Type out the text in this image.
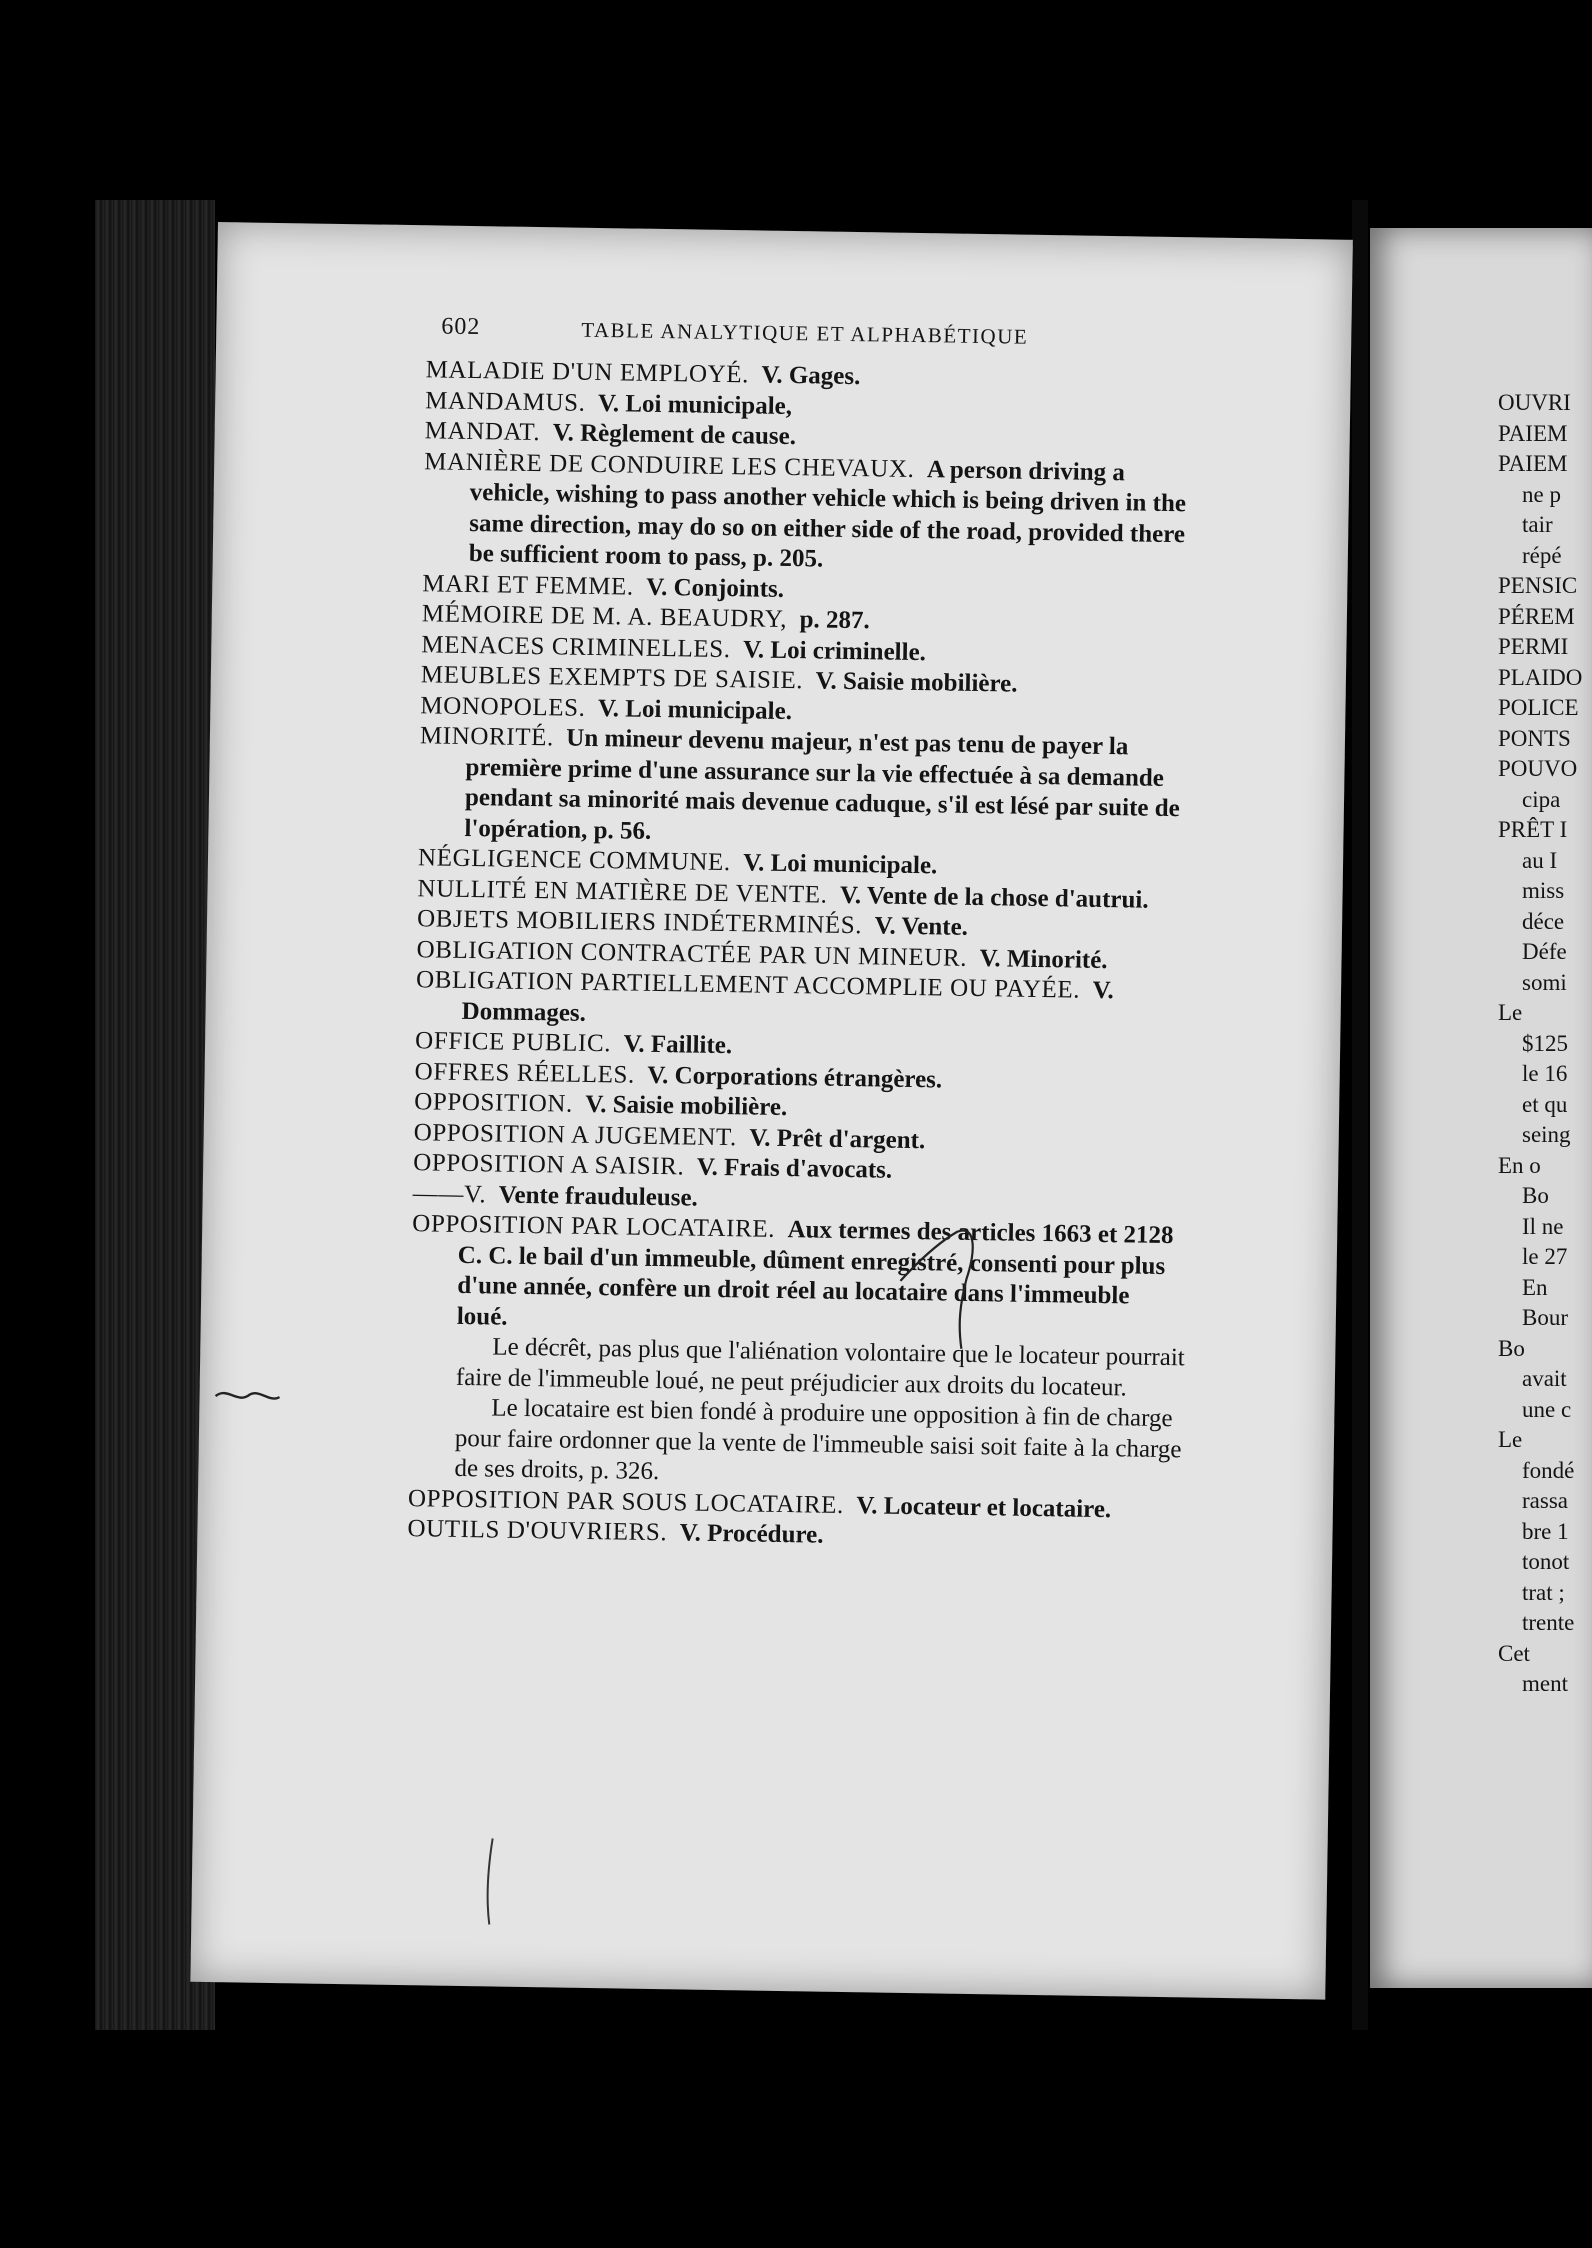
602	TABLE ANALYTIQUE ET ALPHABÉTIQUE

MALADIE D'UN EMPLOYÉ. V. Gages.

MANDAMUS. V. Loi municipale,

MANDAT. V. Règlement de cause.

MANIÈRE DE CONDUIRE LES CHEVAUX. A person driving a vehicle, wishing to pass another vehicle which is being driven in the same direction, may do so on either side of the road, provided there be sufficient room to pass, p. 205.

MARI ET FEMME. V. Conjoints.

MÉMOIRE DE M. A. BEAUDRY, p. 287.

MENACES CRIMINELLES. V. Loi criminelle.

MEUBLES EXEMPTS DE SAISIE. V. Saisie mobilière.

MONOPOLES. V. Loi municipale.

MINORITÉ. Un mineur devenu majeur, n'est pas tenu de payer la première prime d'une assurance sur la vie effectuée à sa demande pendant sa minorité mais devenue caduque, s'il est lésé par suite de l'opération, p. 56.

NÉGLIGENCE COMMUNE. V. Loi municipale.

NULLITÉ EN MATIÈRE DE VENTE. V. Vente de la chose d'autrui.

OBJETS MOBILIERS INDÉTERMINÉS. V. Vente.

OBLIGATION CONTRACTÉE PAR UN MINEUR. V. Minorité.

OBLIGATION PARTIELLEMENT ACCOMPLIE OU PAYÉE. V. Dommages.

OFFICE PUBLIC. V. Faillite.

OFFRES RÉELLES. V. Corporations étrangères.

OPPOSITION. V. Saisie mobilière.

OPPOSITION A JUGEMENT. V. Prêt d'argent.

OPPOSITION A SAISIR. V. Frais d'avocats.

——V. Vente frauduleuse.

OPPOSITION PAR LOCATAIRE. Aux termes des articles 1663 et 2128 C. C. le bail d'un immeuble, dûment enregistré, consenti pour plus d'une année, confère un droit réel au locataire dans l'immeuble loué.

Le décrêt, pas plus que l'aliénation volontaire que le locateur pourrait faire de l'immeuble loué, ne peut préjudicier aux droits du locateur.

Le locataire est bien fondé à produire une opposition à fin de charge pour faire ordonner que la vente de l'immeuble saisi soit faite à la charge de ses droits, p. 326.

OPPOSITION PAR SOUS LOCATAIRE. V. Locateur et locataire.

OUTILS D'OUVRIERS. V. Procédure.

OUVRI
PAIEM
PAIEM
ne p
tair
répé
PENSIC
PÉREM
PERMI
PLAIDO
POLICE
PONTS
POUVO
cipa
PRÊT I
au I
miss
déce
Défe
somi
Le
$125
le 16
et qu
seing
En o
Bo
Il ne
le 27
En
Bour
Bo
avait
une c
Le
fondé
rassa
bre 1
tonot
trat ;
trente
Cet
ment
